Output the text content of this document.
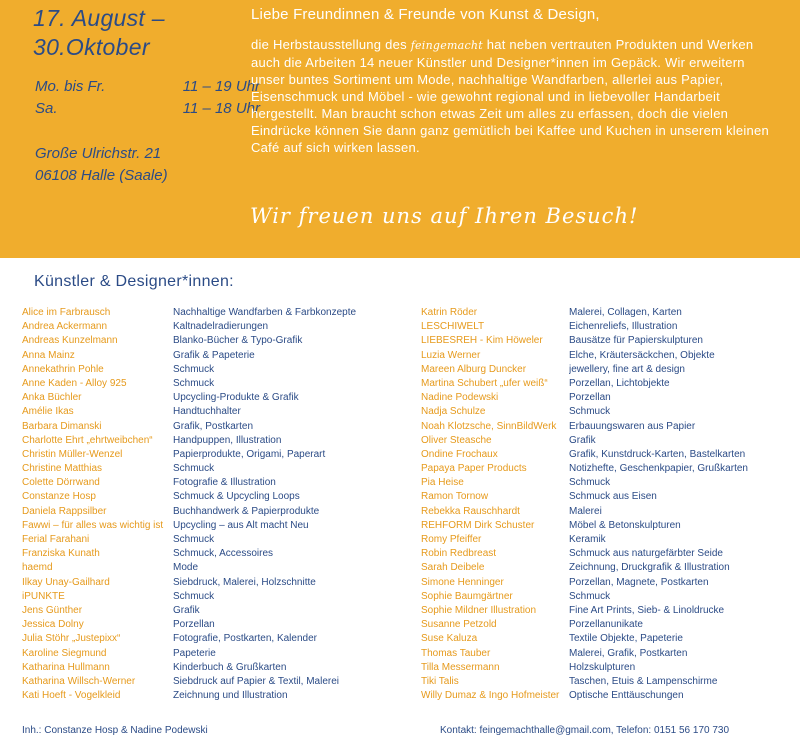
17. August –
30.Oktober
Mo. bis Fr.	11 – 19 Uhr
Sa.	11 – 18 Uhr
Große Ulrichstr. 21
06108 Halle (Saale)
Liebe Freundinnen & Freunde von Kunst & Design,

die Herbstausstellung des feingemacht hat neben vertrauten Produkten und Werken auch die Arbeiten 14 neuer Künstler und Designer*innen im Gepäck. Wir erweitern unser buntes Sortiment um Mode, nachhaltige Wandfarben, allerlei aus Papier, Eisenschmuck und Möbel - wie gewohnt regional und in liebevoller Handarbeit hergestellt. Man braucht schon etwas Zeit um alles zu erfassen, doch die vielen Eindrücke können Sie dann ganz gemütlich bei Kaffee und Kuchen in unserem kleinen Café auf sich wirken lassen.

Wir freuen uns auf Ihren Besuch!
Künstler & Designer*innen:
Alice im Farbrausch	Nachhaltige Wandfarben & Farbkonzepte
Andrea Ackermann	Kaltnadelradierungen
Andreas Kunzelmann	Blanko-Bücher & Typo-Grafik
Anna Mainz	Grafik & Papeterie
Annekathrin Pohle	Schmuck
Anne Kaden - Alloy 925	Schmuck
Anka Büchler	Upcycling-Produkte & Grafik
Amélie Ikas	Handtuchhalter
Barbara Dimanski	Grafik, Postkarten
Charlotte Ehrt „ehrtweibchen“	Handpuppen, Illustration
Christin Müller-Wenzel	Papierprodukte, Origami, Paperart
Christine Matthias	Schmuck
Colette Dörrwand	Fotografie & Illustration
Constanze Hosp	Schmuck & Upcycling Loops
Daniela Rappsilber	Buchhandwerk & Papierprodukte
Fawwi – für alles was wichtig ist Upcycling – aus Alt macht Neu
Ferial Farahani	Schmuck
Franziska Kunath	Schmuck, Accessoires
haemd	Mode
Ilkay Unay-Gailhard	Siebdruck, Malerei, Holzschnitte
iPUNKTE	Schmuck
Jens Günther	Grafik
Jessica Dolny	Porzellan
Julia Stöhr „Justepixx“	Fotografie, Postkarten, Kalender
Karoline Siegmund	Papeterie
Katharina Hullmann	Kinderbuch & Grußkarten
Katharina Willsch-Werner	Siebdruck auf Papier & Textil, Malerei
Kati Hoeft - Vogelkleid	Zeichnung und Illustration
Katrin Röder	Malerei, Collagen, Karten
LESCHIWELT	Eichenreliefs, Illustration
LIEBESREH - Kim Höweler	Bausätze für Papierskulpturen
Luzia Werner	Elche, Kräutersäckchen, Objekte
Mareen Alburg Duncker	jewellery, fine art & design
Martina Schubert „ufer weiß“	Porzellan, Lichtobjekte
Nadine Podewski	Porzellan
Nadja Schulze	Schmuck
Noah Klotzsche, SinnBildWerk	Erbauungswaren aus Papier
Oliver Steasche	Grafik
Ondine Frochaux	Grafik, Kunstdruck-Karten, Bastelkarten
Papaya Paper Products	Notizhefte, Geschenkpapier, Grußkarten
Pia Heise	Schmuck
Ramon Tornow	Schmuck aus Eisen
Rebekka Rauschhardt	Malerei
REHFORM Dirk Schuster	Möbel & Betonskulpturen
Romy Pfeiffer	Keramik
Robin Redbreast	Schmuck aus naturgefärbter Seide
Sarah Deibele	Zeichnung, Druckgrafik & Illustration
Simone Henninger	Porzellan, Magnete, Postkarten
Sophie Baumgärtner	Schmuck
Sophie Mildner Illustration	Fine Art Prints, Sieb- & Linoldrucke
Susanne Petzold	Porzellanunikate
Suse Kaluza	Textile Objekte, Papeterie
Thomas Tauber	Malerei, Grafik, Postkarten
Tilla Messermann	Holzskulpturen
Tiki Talis	Taschen, Etuis & Lampenschirme
Willy Dumaz & Ingo Hofmeister Optische Enttäuschungen
Inh.: Constanze Hosp & Nadine Podewski	Kontakt: feingemachthalle@gmail.com, Telefon: 0151 56 170 730
